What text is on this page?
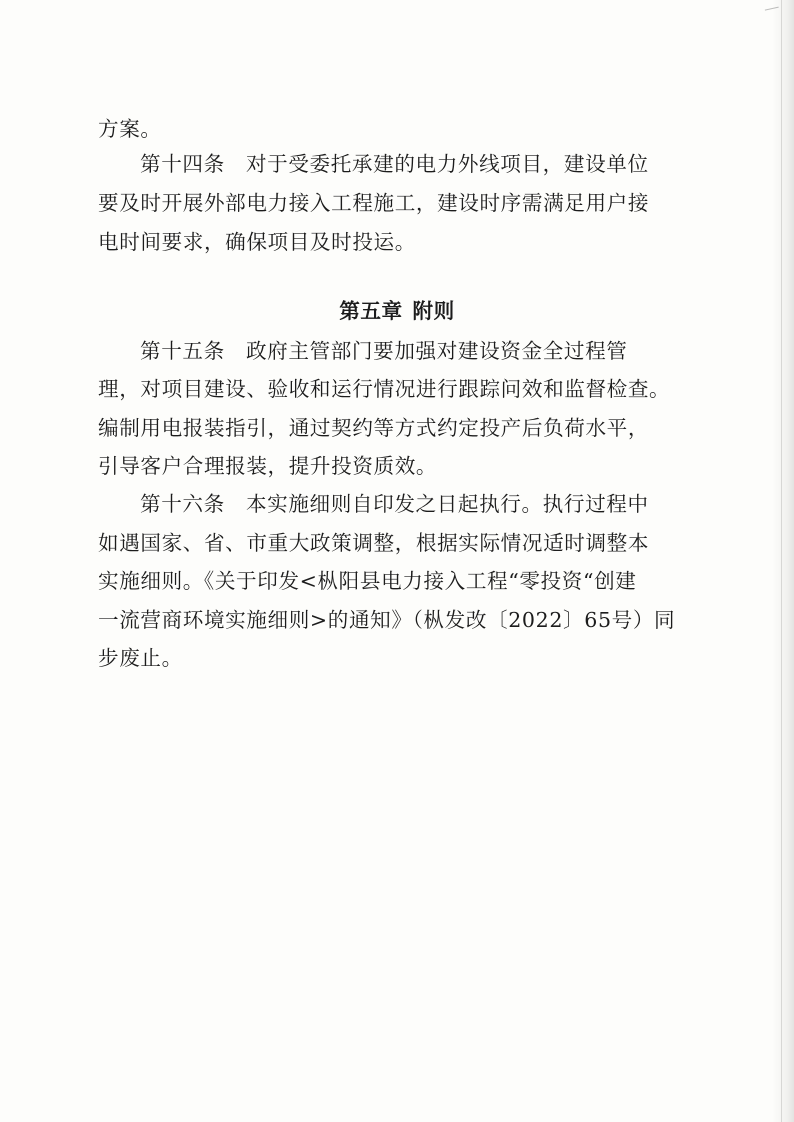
方案。
第十四条　对于受委托承建的电力外线项目，建设单位
要及时开展外部电力接入工程施工，建设时序需满足用户接
电时间要求，确保项目及时投运。
第五章 附则
第十五条　政府主管部门要加强对建设资金全过程管
理，对项目建设、验收和运行情况进行跟踪问效和监督检查。
编制用电报装指引，通过契约等方式约定投产后负荷水平，
引导客户合理报装，提升投资质效。
第十六条　本实施细则自印发之日起执行。执行过程中
如遇国家、省、市重大政策调整，根据实际情况适时调整本
实施细则。《关于印发<枞阳县电力接入工程“零投资“创建
一流营商环境实施细则>的通知》（枞发改〔2022〕65号）同
步废止。
